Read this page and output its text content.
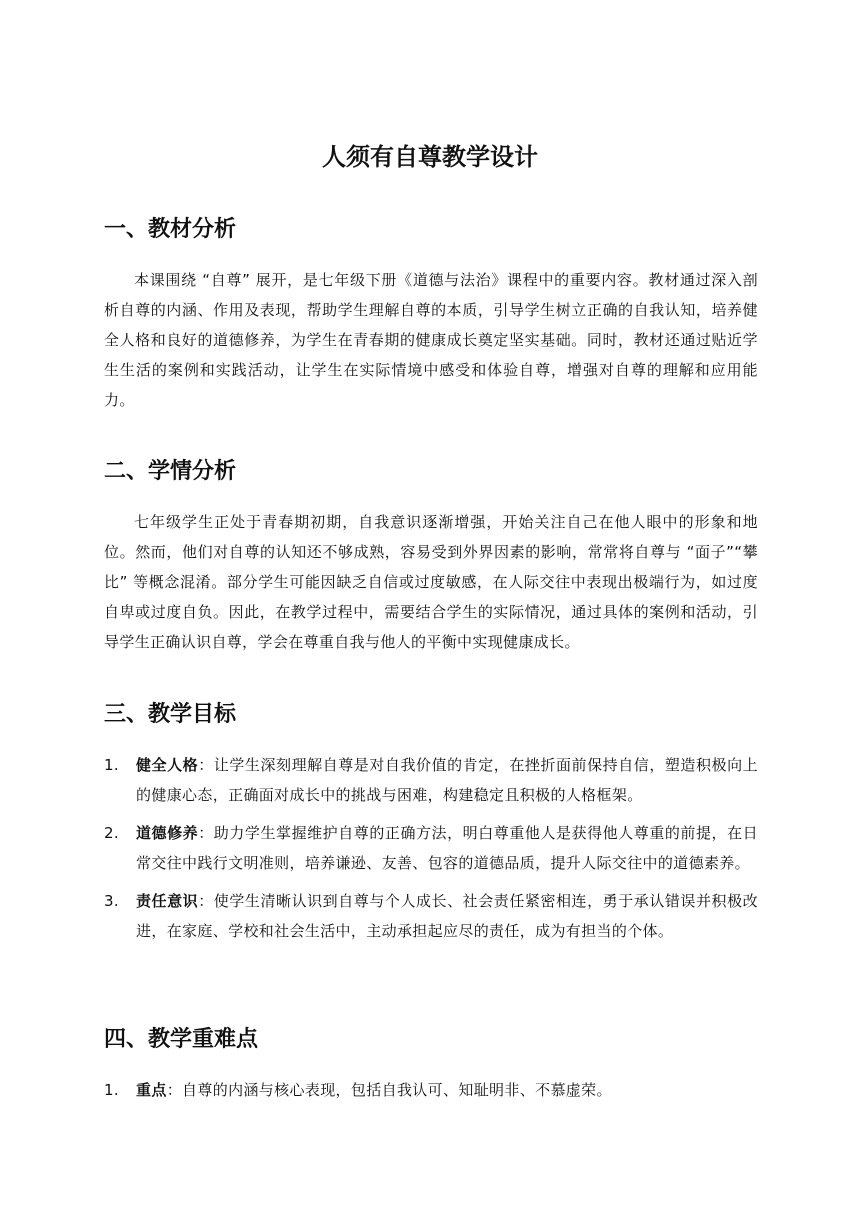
人须有自尊教学设计
一、教材分析

本课围绕 “自尊” 展开，是七年级下册《道德与法治》课程中的重要内容。教材通过深入剖析自尊的内涵、作用及表现，帮助学生理解自尊的本质，引导学生树立正确的自我认知，培养健全人格和良好的道德修养，为学生在青春期的健康成长奠定坚实基础。同时，教材还通过贴近学生生活的案例和实践活动，让学生在实际情境中感受和体验自尊，增强对自尊的理解和应用能力。

二、学情分析

七年级学生正处于青春期初期，自我意识逐渐增强，开始关注自己在他人眼中的形象和地位。然而，他们对自尊的认知还不够成熟，容易受到外界因素的影响，常常将自尊与 “面子”“攀比” 等概念混淆。部分学生可能因缺乏自信或过度敏感，在人际交往中表现出极端行为，如过度自卑或过度自负。因此，在教学过程中，需要结合学生的实际情况，通过具体的案例和活动，引导学生正确认识自尊，学会在尊重自我与他人的平衡中实现健康成长。

三、教学目标
1.	健全人格：让学生深刻理解自尊是对自我价值的肯定，在挫折面前保持自信，塑造积极向上的健康心态，正确面对成长中的挑战与困难，构建稳定且积极的人格框架。
2.	道德修养：助力学生掌握维护自尊的正确方法，明白尊重他人是获得他人尊重的前提，在日常交往中践行文明准则，培养谦逊、友善、包容的道德品质，提升人际交往中的道德素养。
3.	责任意识：使学生清晰认识到自尊与个人成长、社会责任紧密相连，勇于承认错误并积极改进，在家庭、学校和社会生活中，主动承担起应尽的责任，成为有担当的个体。
四、教学重难点
1.	重点：自尊的内涵与核心表现，包括自我认可、知耻明非、不慕虚荣。
